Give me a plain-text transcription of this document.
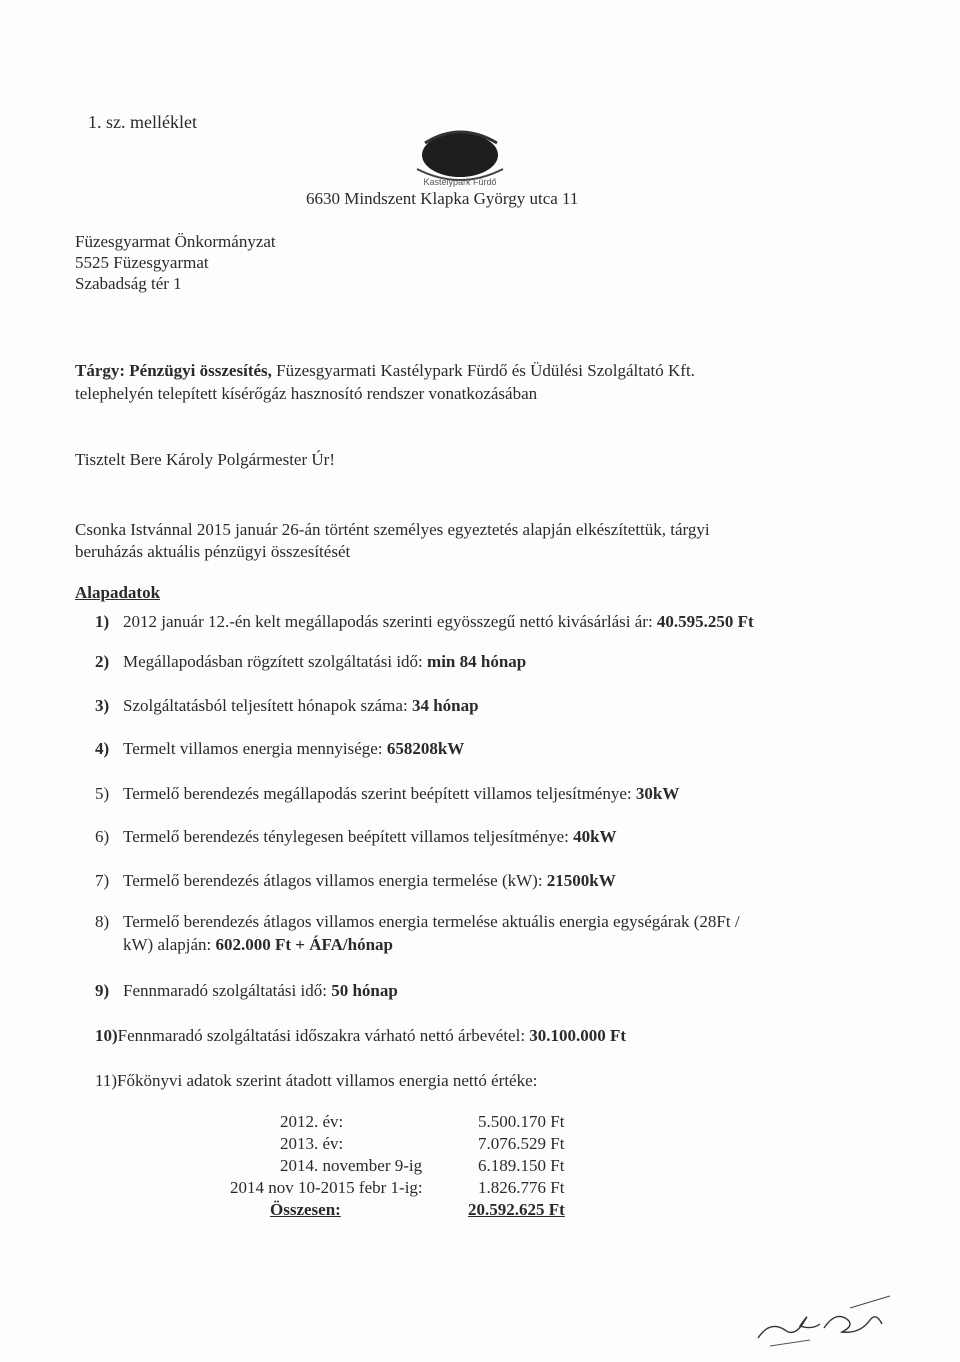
1. sz. melléklet
Kastélypark Fürdő
6630 Mindszent Klapka György utca 11
Füzesgyarmat Önkormányzat
5525 Füzesgyarmat
Szabadság tér 1
Tárgy: Pénzügyi összesítés, Füzesgyarmati Kastélypark Fürdő és Üdülési Szolgáltató Kft.
telephelyén telepített kísérőgáz hasznosító rendszer vonatkozásában
Tisztelt Bere Károly Polgármester Úr!
Csonka Istvánnal 2015 január 26-án történt személyes egyeztetés alapján elkészítettük, tárgyi
beruházás aktuális pénzügyi összesítését
Alapadatok
1) 2012 január 12.-én kelt megállapodás szerinti egyösszegű nettó kivásárlási ár: 40.595.250 Ft
2) Megállapodásban rögzített szolgáltatási idő: min 84 hónap
3) Szolgáltatásból teljesített hónapok száma: 34 hónap
4) Termelt villamos energia mennyisége: 658208kW
5) Termelő berendezés megállapodás szerint beépített villamos teljesítménye: 30kW
6) Termelő berendezés ténylegesen beépített villamos teljesítménye: 40kW
7) Termelő berendezés átlagos villamos energia termelése (kW): 21500kW
8) Termelő berendezés átlagos villamos energia termelése aktuális energia egységárak (28Ft /
kW) alapján: 602.000 Ft + ÁFA/hónap
9) Fennmaradó szolgáltatási idő: 50 hónap
10)Fennmaradó szolgáltatási időszakra várható nettó árbevétel: 30.100.000 Ft
11)Főkönyvi adatok szerint átadott villamos energia nettó értéke:
2012. év:	5.500.170 Ft
2013. év:	7.076.529 Ft
2014. november 9-ig	6.189.150 Ft
2014 nov 10-2015 febr 1-ig:	1.826.776 Ft
Összesen:	20.592.625 Ft
